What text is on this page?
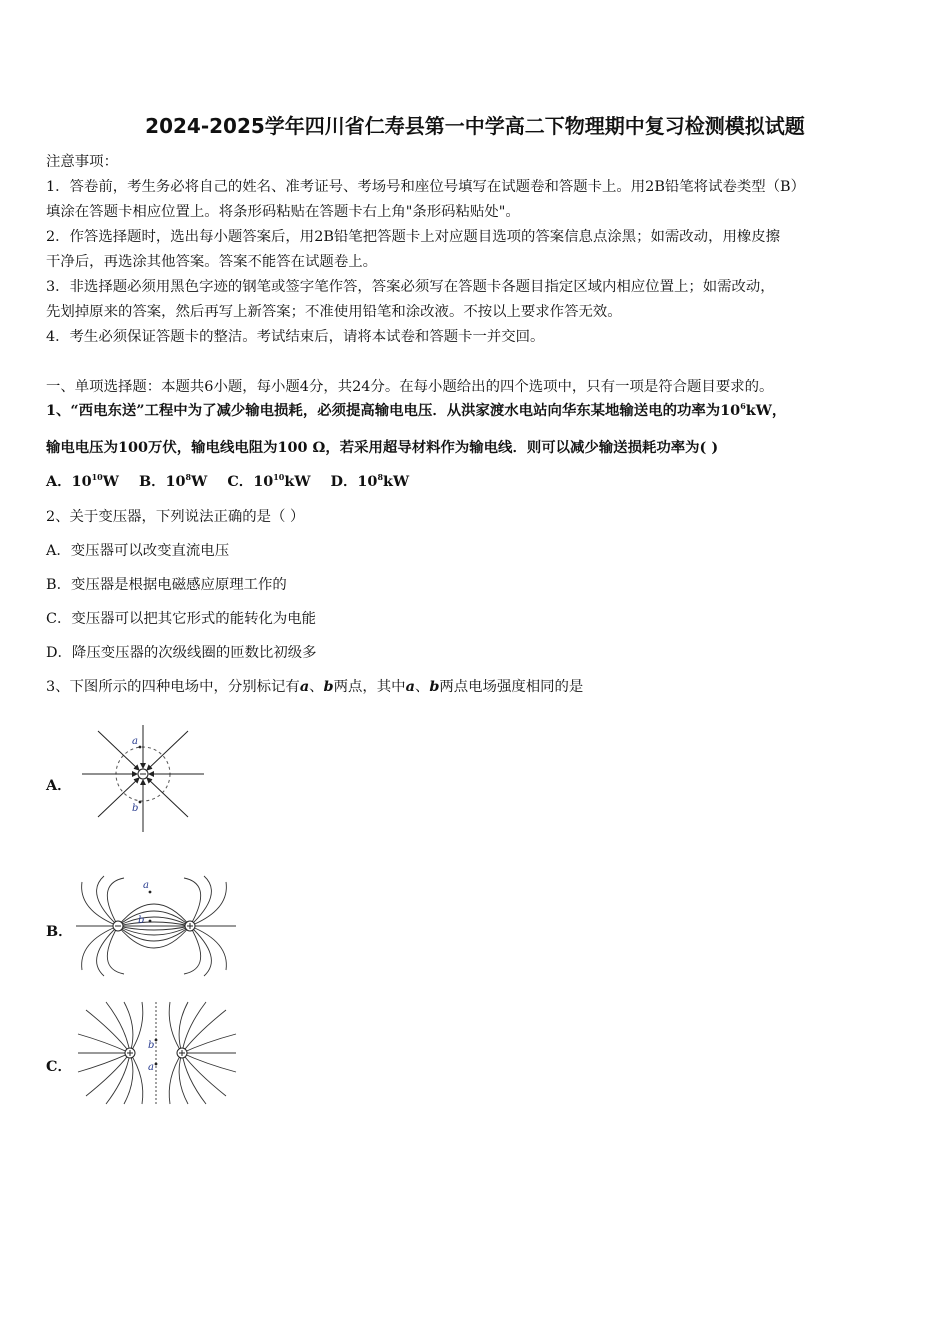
2024-2025学年四川省仁寿县第一中学高二下物理期中复习检测模拟试题
注意事项：
1．答卷前，考生务必将自己的姓名、准考证号、考场号和座位号填写在试题卷和答题卡上。用2B铅笔将试卷类型（B）
填涂在答题卡相应位置上。将条形码粘贴在答题卡右上角"条形码粘贴处"。
2．作答选择题时，选出每小题答案后，用2B铅笔把答题卡上对应题目选项的答案信息点涂黑；如需改动，用橡皮擦
干净后，再选涂其他答案。答案不能答在试题卷上。
3．非选择题必须用黑色字迹的钢笔或签字笔作答，答案必须写在答题卡各题目指定区域内相应位置上；如需改动，
先划掉原来的答案，然后再写上新答案；不准使用铅笔和涂改液。不按以上要求作答无效。
4．考生必须保证答题卡的整洁。考试结束后，请将本试卷和答题卡一并交回。
一、单项选择题：本题共6小题，每小题4分，共24分。在每小题给出的四个选项中，只有一项是符合题目要求的。
1、“西电东送”工程中为了减少输电损耗，必须提高输电电压．从洪家渡水电站向华东某地输送电的功率为$10^6kW$，
输电电压为100万伏，输电线电阻为100 Ω，若采用超导材料作为输电线．则可以减少输送损耗功率为( )
A．$10^{10}W$ B．$10^8W$ C．$10^{10}kW$ D．$10^8kW$
2、关于变压器，下列说法正确的是（ ）
A．变压器可以改变直流电压
B．变压器是根据电磁感应原理工作的
C．变压器可以把其它形式的能转化为电能
D．降压变压器的次级线圈的匝数比初级多
3、下图所示的四种电场中，分别标记有a、b两点，其中a、b两点电场强度相同的是
A．
a
b
B．
a
b
C．	a
b
